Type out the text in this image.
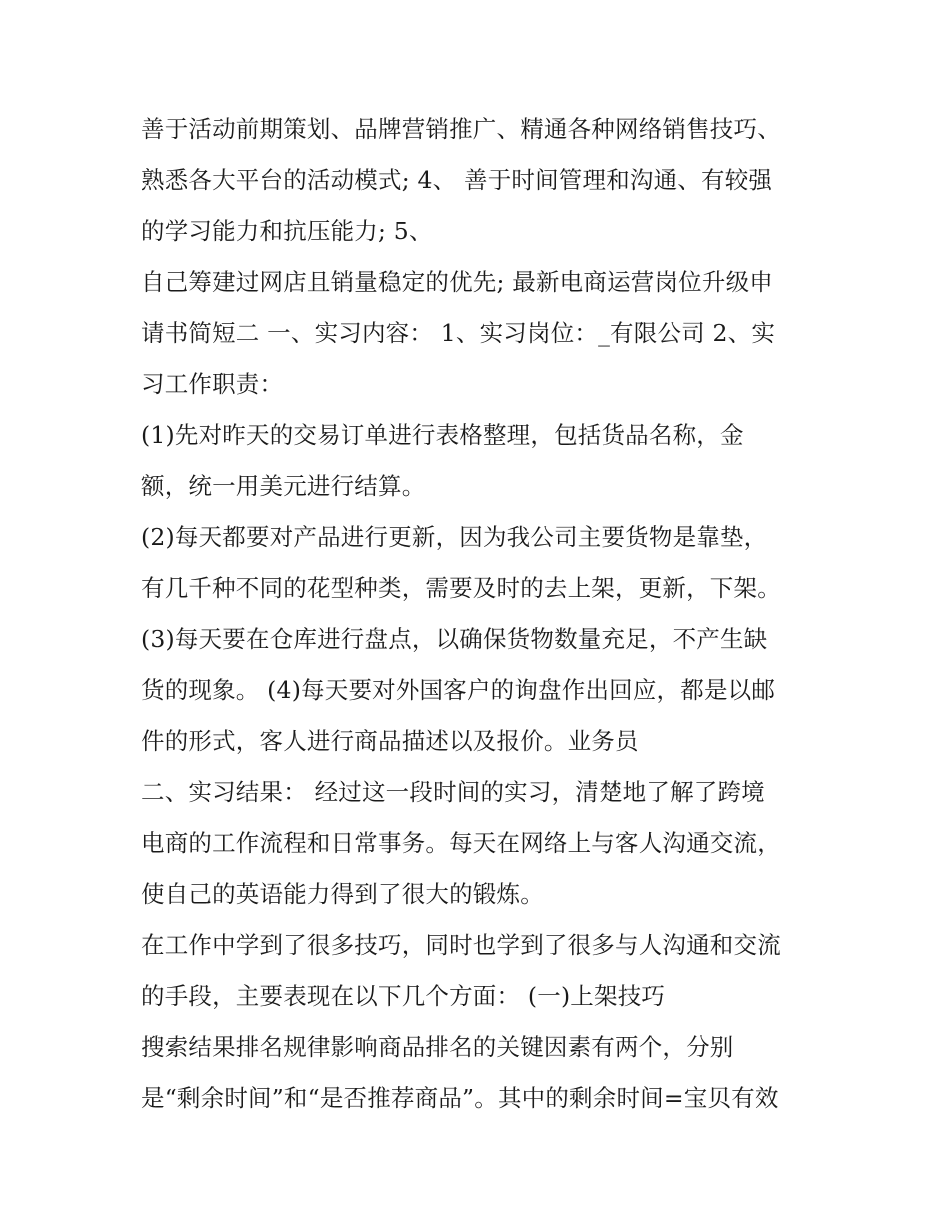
善于活动前期策划、品牌营销推广、精通各种网络销售技巧、
熟悉各大平台的活动模式; 4、 善于时间管理和沟通、有较强
的学习能力和抗压能力; 5、
自己筹建过网店且销量稳定的优先; 最新电商运营岗位升级申
请书简短二 一、实习内容： 1、实习岗位：_有限公司 2、实
习工作职责：
(1)先对昨天的交易订单进行表格整理，包括货品名称，金
额，统一用美元进行结算。
(2)每天都要对产品进行更新，因为我公司主要货物是靠垫，
有几千种不同的花型种类，需要及时的去上架，更新，下架。
(3)每天要在仓库进行盘点，以确保货物数量充足，不产生缺
货的现象。 (4)每天要对外国客户的询盘作出回应，都是以邮
件的形式，客人进行商品描述以及报价。业务员
二、实习结果： 经过这一段时间的实习，清楚地了解了跨境
电商的工作流程和日常事务。每天在网络上与客人沟通交流，
使自己的英语能力得到了很大的锻炼。
在工作中学到了很多技巧，同时也学到了很多与人沟通和交流
的手段，主要表现在以下几个方面： (一)上架技巧
搜索结果排名规律影响商品排名的关键因素有两个，分别
是“剩余时间”和“是否推荐商品”。其中的剩余时间=宝贝有效
